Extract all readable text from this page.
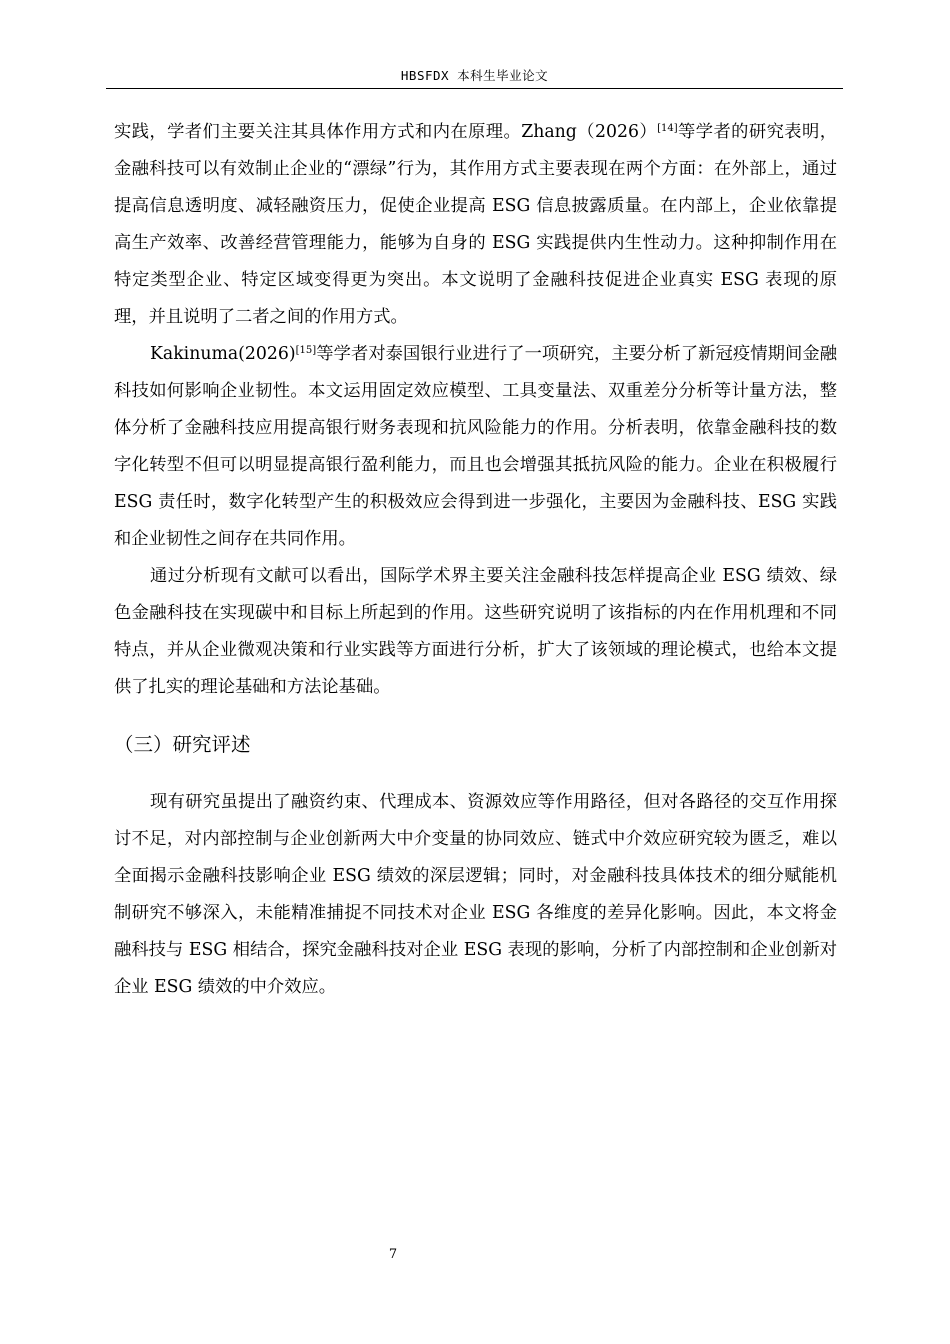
HBSFDX 本科生毕业论文

实践，学者们主要关注其具体作用方式和内在原理。Zhang（2026）[14]等学者的研究表明，金融科技可以有效制止企业的“漂绿”行为，其作用方式主要表现在两个方面：在外部上，通过提高信息透明度、减轻融资压力，促使企业提高 ESG 信息披露质量。在内部上，企业依靠提高生产效率、改善经营管理能力，能够为自身的 ESG 实践提供内生性动力。这种抑制作用在特定类型企业、特定区域变得更为突出。本文说明了金融科技促进企业真实 ESG 表现的原理，并且说明了二者之间的作用方式。

Kakinuma(2026)[15]等学者对泰国银行业进行了一项研究，主要分析了新冠疫情期间金融科技如何影响企业韧性。本文运用固定效应模型、工具变量法、双重差分分析等计量方法，整体分析了金融科技应用提高银行财务表现和抗风险能力的作用。分析表明，依靠金融科技的数字化转型不但可以明显提高银行盈利能力，而且也会增强其抵抗风险的能力。企业在积极履行 ESG 责任时，数字化转型产生的积极效应会得到进一步强化，主要因为金融科技、ESG 实践和企业韧性之间存在共同作用。

通过分析现有文献可以看出，国际学术界主要关注金融科技怎样提高企业 ESG 绩效、绿色金融科技在实现碳中和目标上所起到的作用。这些研究说明了该指标的内在作用机理和不同特点，并从企业微观决策和行业实践等方面进行分析，扩大了该领域的理论模式，也给本文提供了扎实的理论基础和方法论基础。

（三）研究评述

现有研究虽提出了融资约束、代理成本、资源效应等作用路径，但对各路径的交互作用探讨不足，对内部控制与企业创新两大中介变量的协同效应、链式中介效应研究较为匮乏，难以全面揭示金融科技影响企业 ESG 绩效的深层逻辑；同时，对金融科技具体技术的细分赋能机制研究不够深入，未能精准捕捉不同技术对企业 ESG 各维度的差异化影响。因此，本文将金融科技与 ESG 相结合，探究金融科技对企业 ESG 表现的影响，分析了内部控制和企业创新对企业 ESG 绩效的中介效应。

7
